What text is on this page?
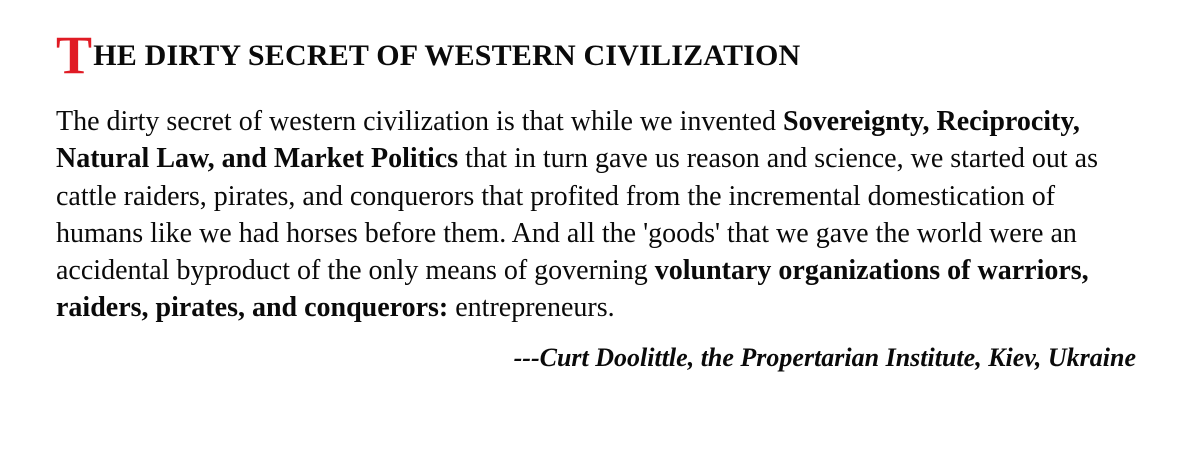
THE DIRTY SECRET OF WESTERN CIVILIZATION

The dirty secret of western civilization is that while we invented Sovereignty, Reciprocity, Natural Law, and Market Politics that in turn gave us reason and science, we started out as cattle raiders, pirates, and conquerors that profited from the incremental domestication of humans like we had horses before them. And all the 'goods' that we gave the world were an accidental byproduct of the only means of governing voluntary organizations of warriors, raiders, pirates, and conquerors: entrepreneurs.

---Curt Doolittle, the Propertarian Institute, Kiev, Ukraine
